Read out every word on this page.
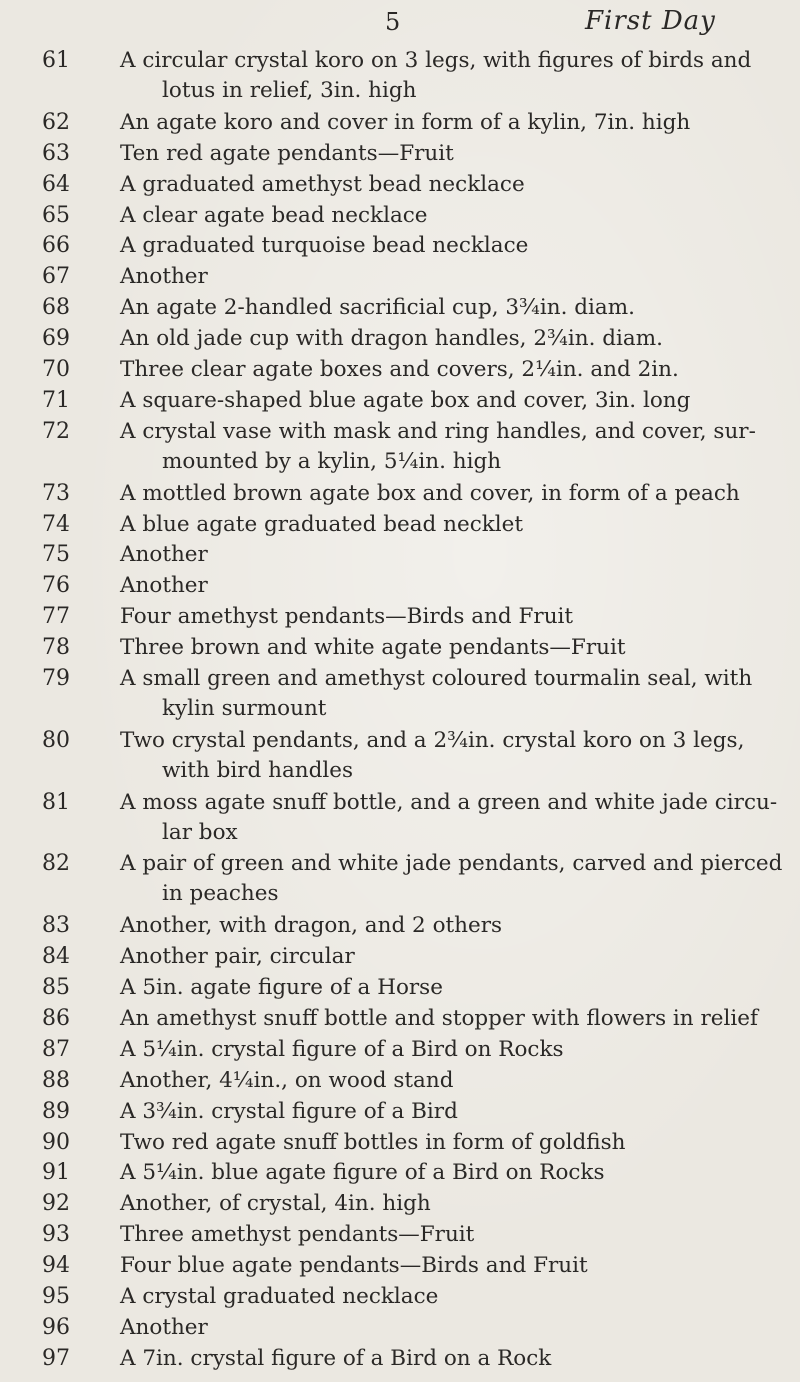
5	First Day
61	A circular crystal koro on 3 legs, with figures of birds and
lotus in relief, 3in. high
62	An agate koro and cover in form of a kylin, 7in. high
63	Ten red agate pendants—Fruit
64	A graduated amethyst bead necklace
65	A clear agate bead necklace
66	A graduated turquoise bead necklace
67	Another
68	An agate 2-handled sacrificial cup, 3¾in. diam.
69	An old jade cup with dragon handles, 2¾in. diam.
70	Three clear agate boxes and covers, 2¼in. and 2in.
71	A square-shaped blue agate box and cover, 3in. long
72	A crystal vase with mask and ring handles, and cover, sur-
mounted by a kylin, 5¼in. high
73	A mottled brown agate box and cover, in form of a peach
74	A blue agate graduated bead necklet
75	Another
76	Another
77	Four amethyst pendants—Birds and Fruit
78	Three brown and white agate pendants—Fruit
79	A small green and amethyst coloured tourmalin seal, with
kylin surmount
80	Two crystal pendants, and a 2¾in. crystal koro on 3 legs,
with bird handles
81	A moss agate snuff bottle, and a green and white jade circu-
lar box
82	A pair of green and white jade pendants, carved and pierced
in peaches
83	Another, with dragon, and 2 others
84	Another pair, circular
85	A 5in. agate figure of a Horse
86	An amethyst snuff bottle and stopper with flowers in relief
87	A 5¼in. crystal figure of a Bird on Rocks
88	Another, 4¼in., on wood stand
89	A 3¾in. crystal figure of a Bird
90	Two red agate snuff bottles in form of goldfish
91	A 5¼in. blue agate figure of a Bird on Rocks
92	Another, of crystal, 4in. high
93	Three amethyst pendants—Fruit
94	Four blue agate pendants—Birds and Fruit
95	A crystal graduated necklace
96	Another
97	A 7in. crystal figure of a Bird on a Rock
